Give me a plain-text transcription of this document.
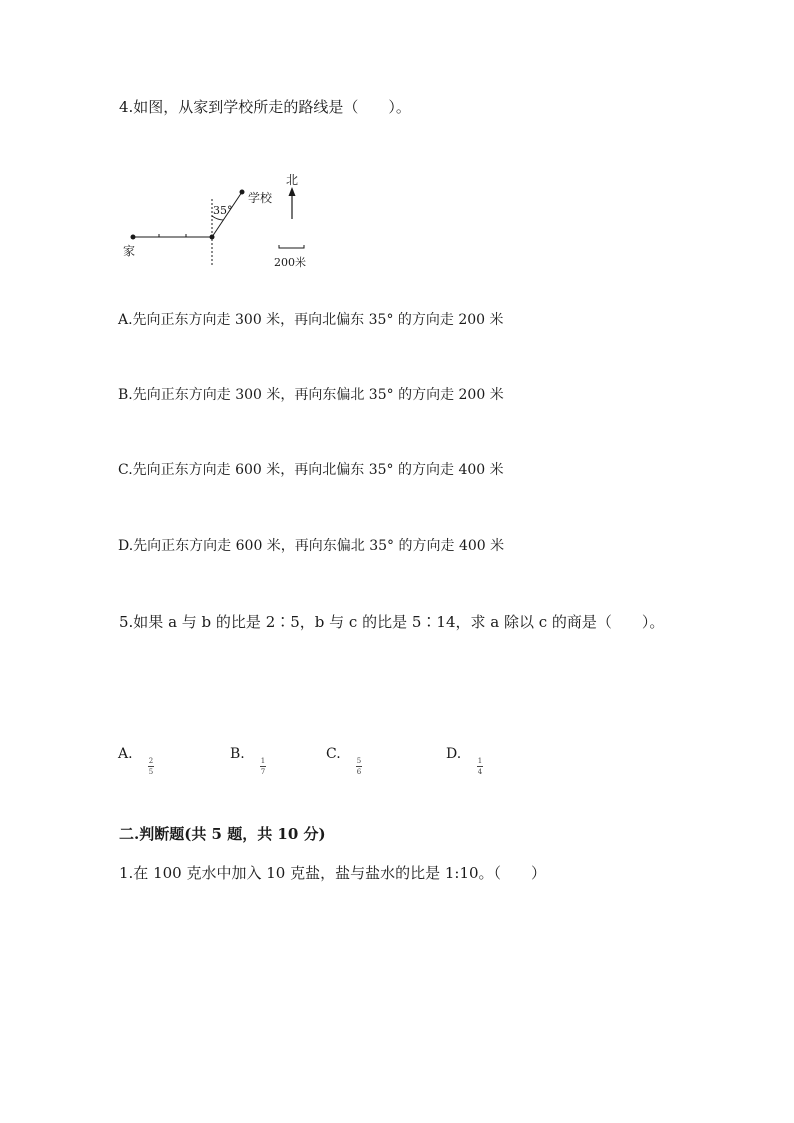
4.如图，从家到学校所走的路线是（　　）。
家
学校
35°
北
200米
A.先向正东方向走 300 米，再向北偏东 35° 的方向走 200 米
B.先向正东方向走 300 米，再向东偏北 35° 的方向走 200 米
C.先向正东方向走 600 米，再向北偏东 35° 的方向走 400 米
D.先向正东方向走 600 米，再向东偏北 35° 的方向走 400 米
5.如果 a 与 b 的比是 2∶5，b 与 c 的比是 5∶14，求 a 除以 c 的商是（　　）。
A. 2
5
B. 1
7
C. 5
6
D. 1
4
二.判断题(共 5 题，共 10 分)
1.在 100 克水中加入 10 克盐，盐与盐水的比是 1:10。（　　）
